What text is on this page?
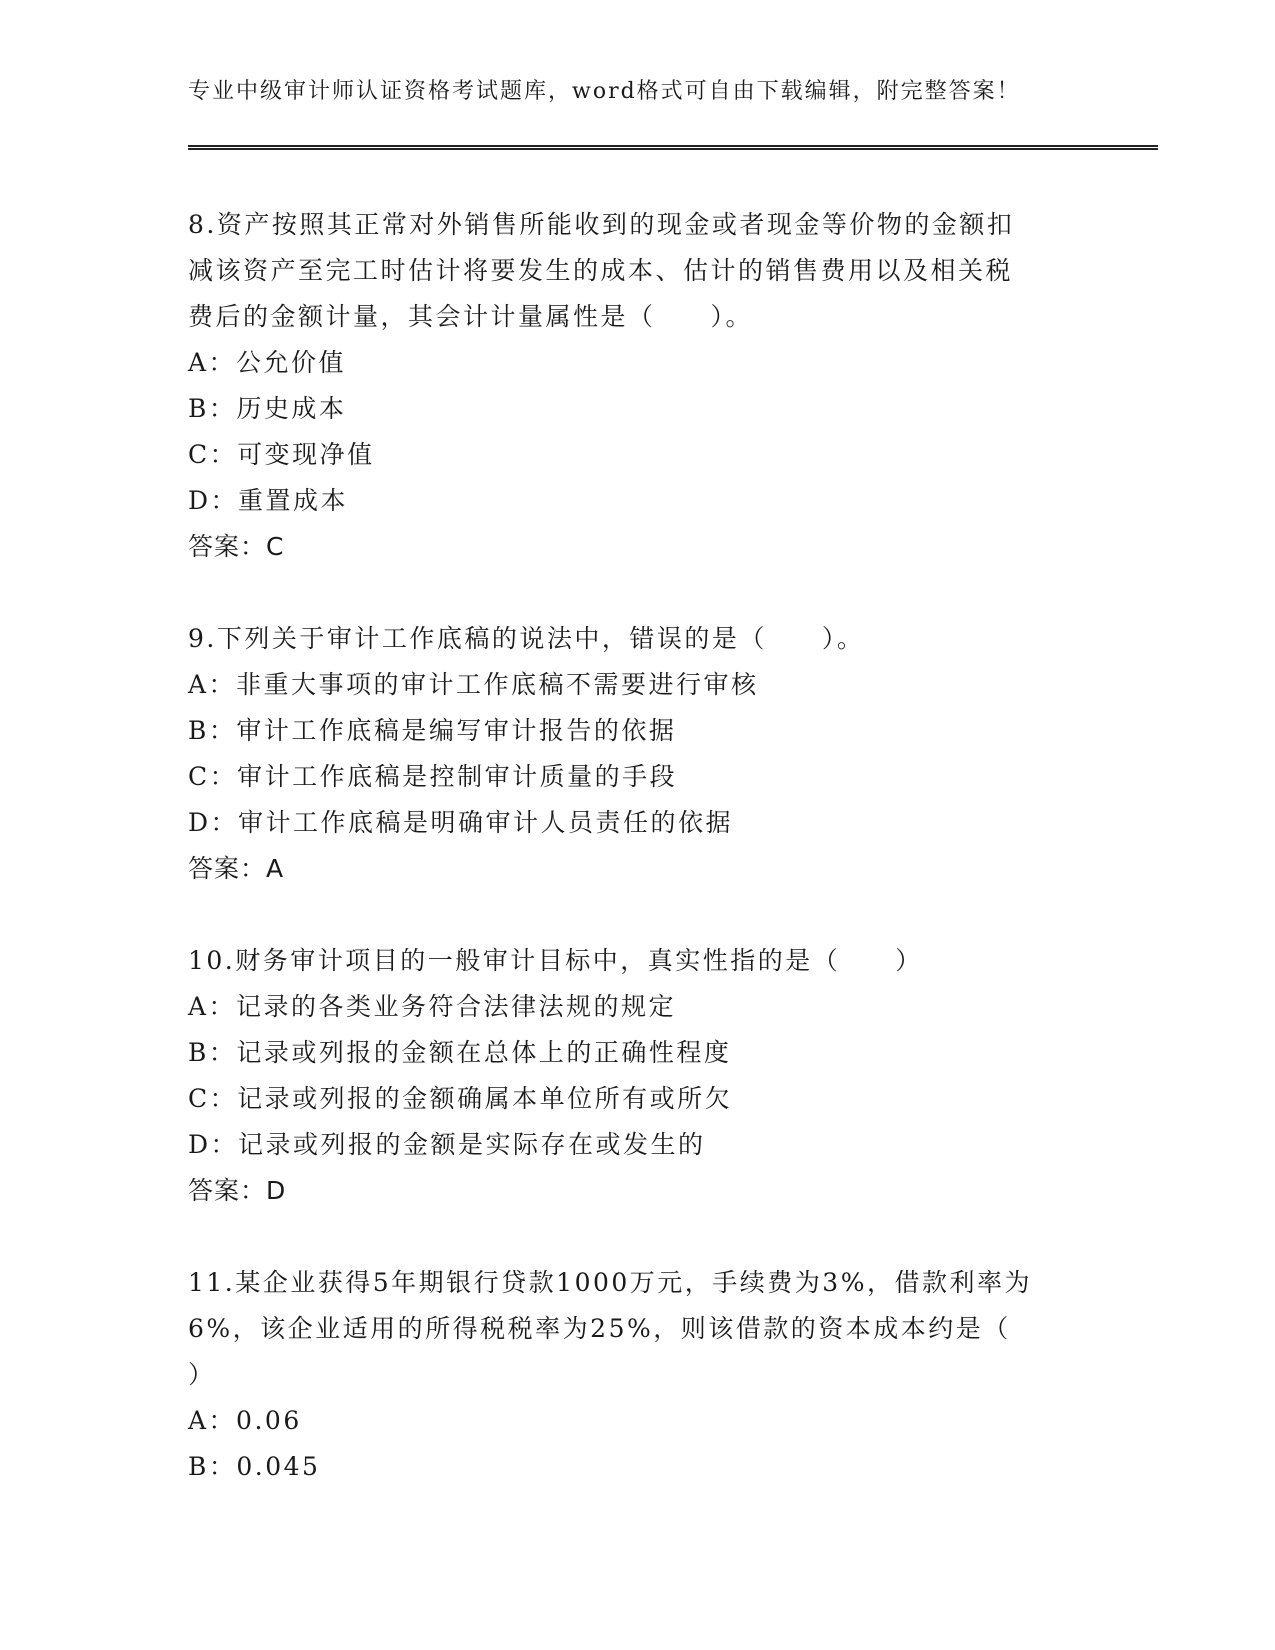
专业中级审计师认证资格考试题库，word格式可自由下载编辑，附完整答案！
8.资产按照其正常对外销售所能收到的现金或者现金等价物的金额扣
减该资产至完工时估计将要发生的成本、估计的销售费用以及相关税
费后的金额计量，其会计计量属性是（　　）。
A：公允价值
B：历史成本
C：可变现净值
D：重置成本
答案：C
9.下列关于审计工作底稿的说法中，错误的是（　　）。
A：非重大事项的审计工作底稿不需要进行审核
B：审计工作底稿是编写审计报告的依据
C：审计工作底稿是控制审计质量的手段
D：审计工作底稿是明确审计人员责任的依据
答案：A
10.财务审计项目的一般审计目标中，真实性指的是（　　）
A：记录的各类业务符合法律法规的规定
B：记录或列报的金额在总体上的正确性程度
C：记录或列报的金额确属本单位所有或所欠
D：记录或列报的金额是实际存在或发生的
答案：D
11.某企业获得5年期银行贷款1000万元，手续费为3%，借款利率为
6%，该企业适用的所得税税率为25%，则该借款的资本成本约是（
）
A：0.06
B：0.045
